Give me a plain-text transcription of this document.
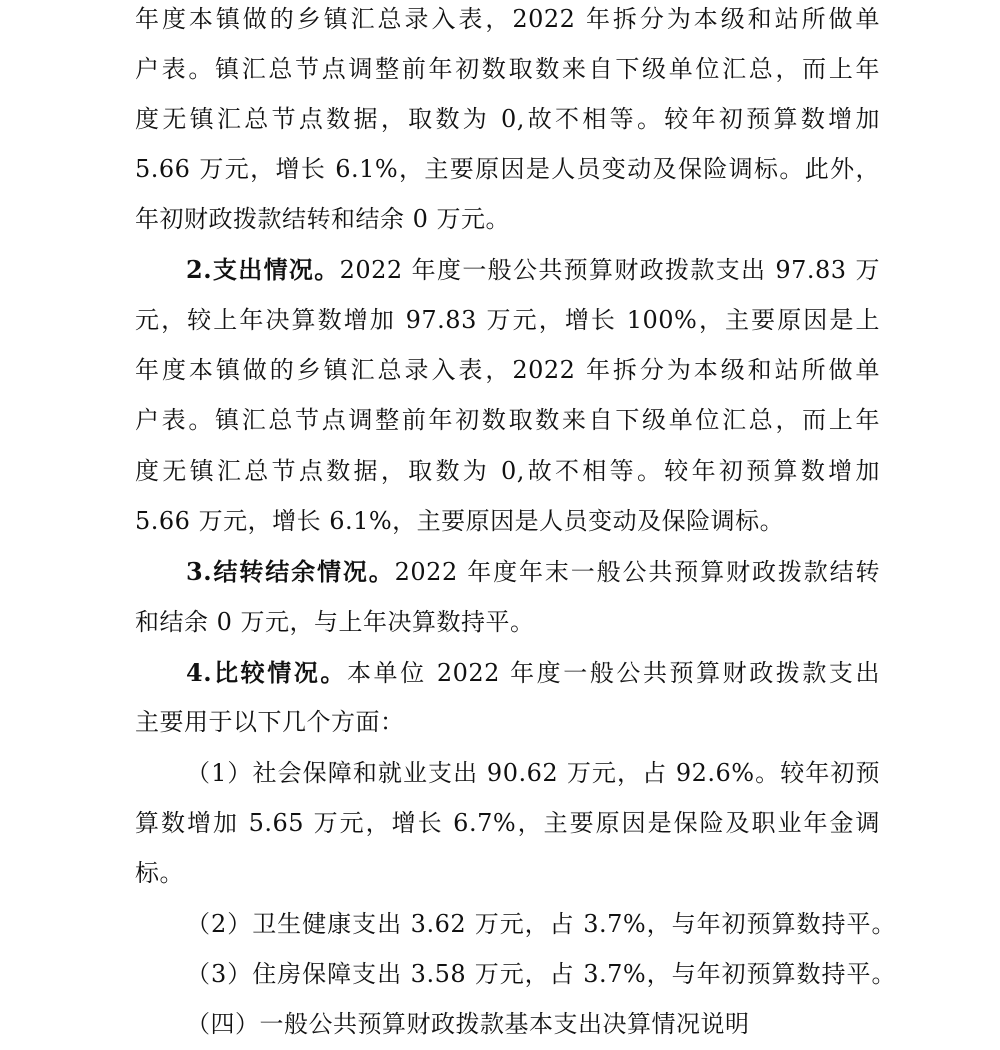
年度本镇做的乡镇汇总录入表，2022 年拆分为本级和站所做单
户表。镇汇总节点调整前年初数取数来自下级单位汇总，而上年
度无镇汇总节点数据，取数为 0,故不相等。较年初预算数增加
5.66 万元，增长 6.1%，主要原因是人员变动及保险调标。此外，
年初财政拨款结转和结余 0 万元。
2.支出情况。2022 年度一般公共预算财政拨款支出 97.83 万
元，较上年决算数增加 97.83 万元，增长 100%，主要原因是上
年度本镇做的乡镇汇总录入表，2022 年拆分为本级和站所做单
户表。镇汇总节点调整前年初数取数来自下级单位汇总，而上年
度无镇汇总节点数据，取数为 0,故不相等。较年初预算数增加
5.66 万元，增长 6.1%，主要原因是人员变动及保险调标。
3.结转结余情况。2022 年度年末一般公共预算财政拨款结转
和结余 0 万元，与上年决算数持平。
4.比较情况。本单位 2022 年度一般公共预算财政拨款支出
主要用于以下几个方面：
（1）社会保障和就业支出 90.62 万元，占 92.6%。较年初预
算数增加 5.65 万元，增长 6.7%，主要原因是保险及职业年金调
标。
（2）卫生健康支出 3.62 万元，占 3.7%，与年初预算数持平。
（3）住房保障支出 3.58 万元，占 3.7%，与年初预算数持平。
（四）一般公共预算财政拨款基本支出决算情况说明
